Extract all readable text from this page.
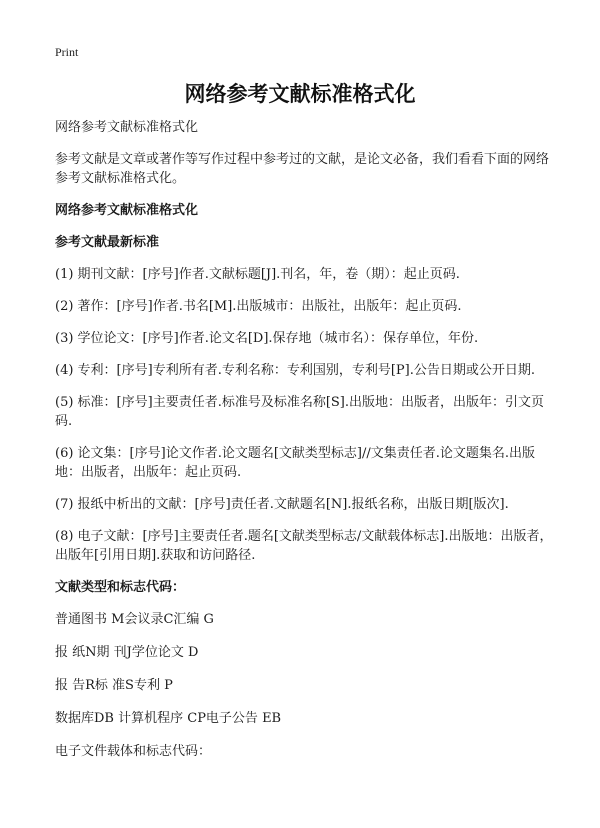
Print
网络参考文献标准格式化

网络参考文献标准格式化

参考文献是文章或著作等写作过程中参考过的文献，是论文必备，我们看看下面的网络参考文献标准格式化。

网络参考文献标准格式化

参考文献最新标准

(1) 期刊文献：[序号]作者.文献标题[J].刊名，年，卷（期）：起止页码.

(2) 著作：[序号]作者.书名[M].出版城市：出版社，出版年：起止页码.

(3) 学位论文：[序号]作者.论文名[D].保存地（城市名）：保存单位，年份.

(4) 专利：[序号]专利所有者.专利名称：专利国别，专利号[P].公告日期或公开日期.

(5) 标准：[序号]主要责任者.标准号及标准名称[S].出版地：出版者，出版年：引文页码.

(6) 论文集：[序号]论文作者.论文题名[文献类型标志]//文集责任者.论文题集名.出版地：出版者，出版年：起止页码.

(7) 报纸中析出的文献：[序号]责任者.文献题名[N].报纸名称，出版日期[版次].

(8) 电子文献：[序号]主要责任者.题名[文献类型标志/文献载体标志].出版地：出版者，出版年[引用日期].获取和访问路径.

文献类型和标志代码：

普通图书 M会议录C汇编 G

报 纸N期 刊J学位论文 D

报 告R标 准S专利 P

数据库DB 计算机程序 CP电子公告 EB

电子文件载体和标志代码：
